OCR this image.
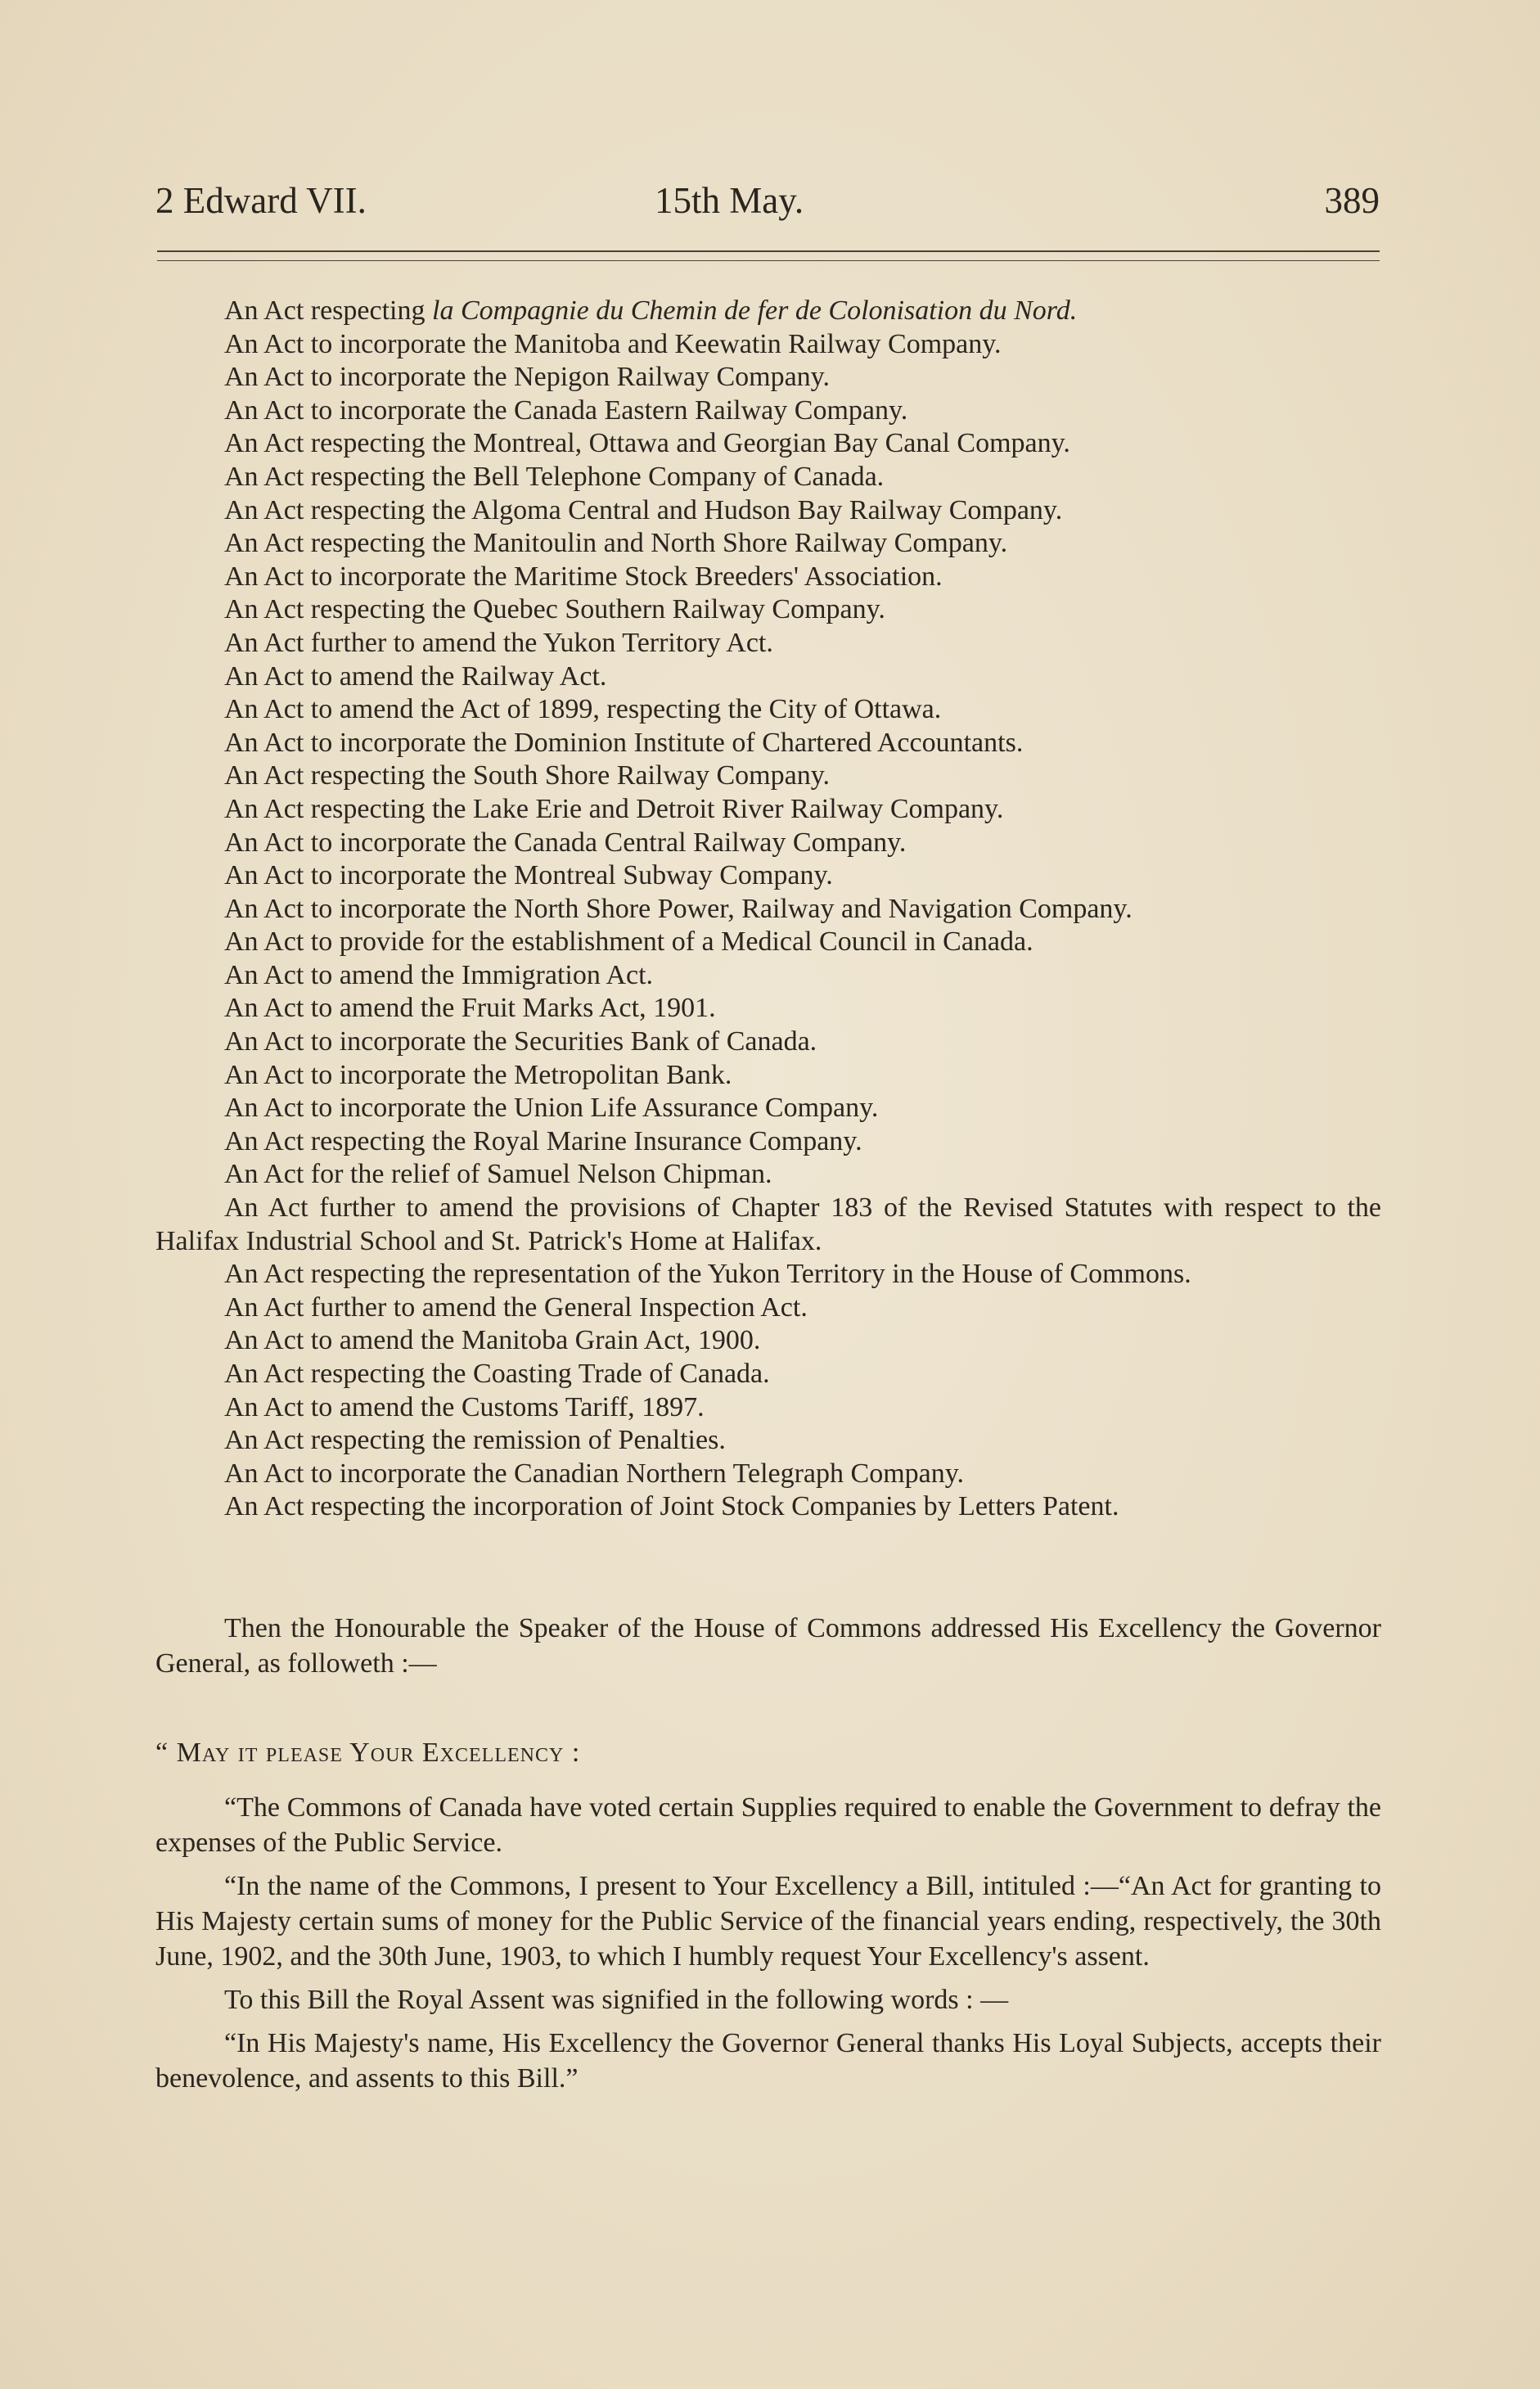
2 Edward VII.	15th May.	389

An Act respecting la Compagnie du Chemin de fer de Colonisation du Nord.

An Act to incorporate the Manitoba and Keewatin Railway Company.

An Act to incorporate the Nepigon Railway Company.

An Act to incorporate the Canada Eastern Railway Company.

An Act respecting the Montreal, Ottawa and Georgian Bay Canal Company.

An Act respecting the Bell Telephone Company of Canada.

An Act respecting the Algoma Central and Hudson Bay Railway Company.

An Act respecting the Manitoulin and North Shore Railway Company.

An Act to incorporate the Maritime Stock Breeders' Association.

An Act respecting the Quebec Southern Railway Company.

An Act further to amend the Yukon Territory Act.

An Act to amend the Railway Act.

An Act to amend the Act of 1899, respecting the City of Ottawa.

An Act to incorporate the Dominion Institute of Chartered Accountants.

An Act respecting the South Shore Railway Company.

An Act respecting the Lake Erie and Detroit River Railway Company.

An Act to incorporate the Canada Central Railway Company.

An Act to incorporate the Montreal Subway Company.

An Act to incorporate the North Shore Power, Railway and Navigation Company.

An Act to provide for the establishment of a Medical Council in Canada.

An Act to amend the Immigration Act.

An Act to amend the Fruit Marks Act, 1901.

An Act to incorporate the Securities Bank of Canada.

An Act to incorporate the Metropolitan Bank.

An Act to incorporate the Union Life Assurance Company.

An Act respecting the Royal Marine Insurance Company.

An Act for the relief of Samuel Nelson Chipman.

An Act further to amend the provisions of Chapter 183 of the Revised Statutes with respect to the Halifax Industrial School and St. Patrick's Home at Halifax.

An Act respecting the representation of the Yukon Territory in the House of Commons.

An Act further to amend the General Inspection Act.

An Act to amend the Manitoba Grain Act, 1900.

An Act respecting the Coasting Trade of Canada.

An Act to amend the Customs Tariff, 1897.

An Act respecting the remission of Penalties.

An Act to incorporate the Canadian Northern Telegraph Company.

An Act respecting the incorporation of Joint Stock Companies by Letters Patent.

Then the Honourable the Speaker of the House of Commons addressed His Excellency the Governor General, as followeth :—

“ May it please Your Excellency :

“The Commons of Canada have voted certain Supplies required to enable the Government to defray the expenses of the Public Service.

“In the name of the Commons, I present to Your Excellency a Bill, intituled :—“An Act for granting to His Majesty certain sums of money for the Public Service of the financial years ending, respectively, the 30th June, 1902, and the 30th June, 1903, to which I humbly request Your Excellency's assent.

To this Bill the Royal Assent was signified in the following words : —

“In His Majesty's name, His Excellency the Governor General thanks His Loyal Subjects, accepts their benevolence, and assents to this Bill.”
